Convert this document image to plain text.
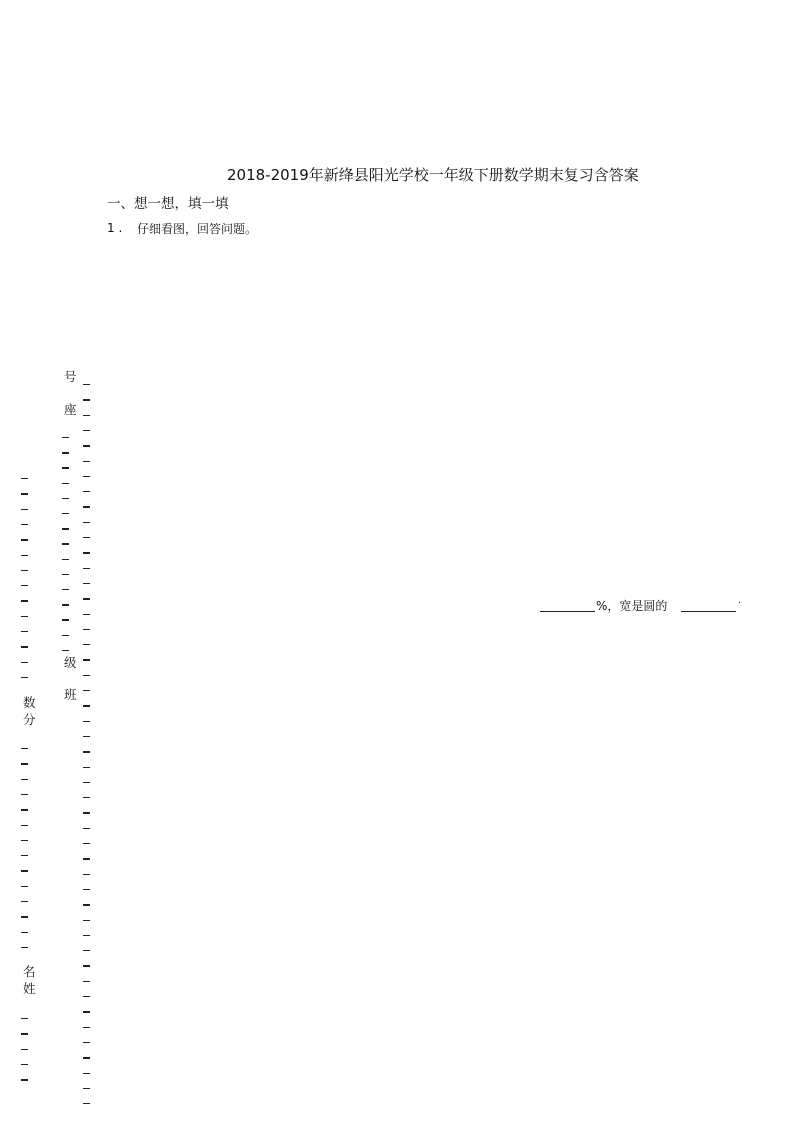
2018-2019年新绛县阳光学校一年级下册数学期末复习含答案
一、想一想，填一填
1 . 仔细看图，回答问题。
%，宽是圆的	.
号
座
级
班
数
分
名
姓
